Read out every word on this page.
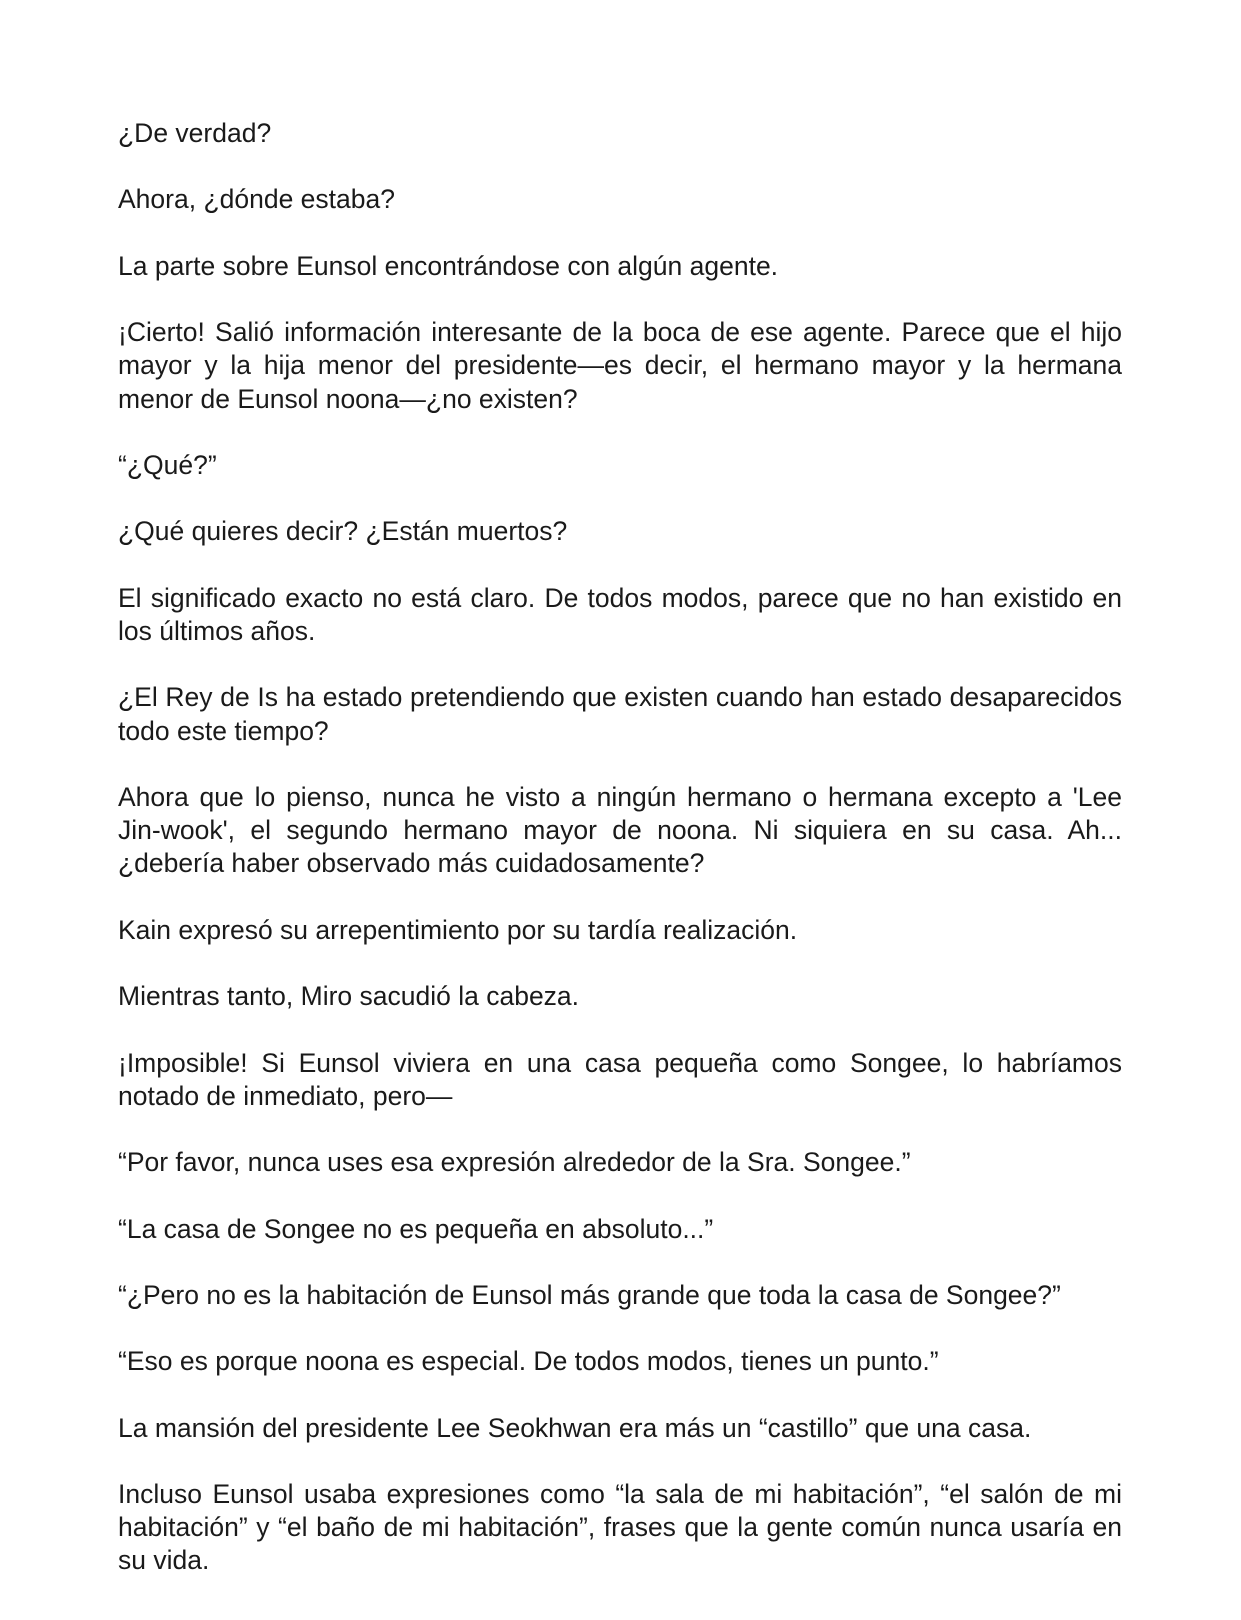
¿De verdad?

Ahora, ¿dónde estaba?

La parte sobre Eunsol encontrándose con algún agente.

¡Cierto! Salió información interesante de la boca de ese agente. Parece que el hijo mayor y la hija menor del presidente—es decir, el hermano mayor y la hermana menor de Eunsol noona—¿no existen?

“¿Qué?”

¿Qué quieres decir? ¿Están muertos?

El significado exacto no está claro. De todos modos, parece que no han existido en los últimos años.

¿El Rey de Is ha estado pretendiendo que existen cuando han estado desaparecidos todo este tiempo?

Ahora que lo pienso, nunca he visto a ningún hermano o hermana excepto a 'Lee Jin-wook', el segundo hermano mayor de noona. Ni siquiera en su casa. Ah... ¿debería haber observado más cuidadosamente?

Kain expresó su arrepentimiento por su tardía realización.

Mientras tanto, Miro sacudió la cabeza.

¡Imposible! Si Eunsol viviera en una casa pequeña como Songee, lo habríamos notado de inmediato, pero—

“Por favor, nunca uses esa expresión alrededor de la Sra. Songee.”

“La casa de Songee no es pequeña en absoluto...”

“¿Pero no es la habitación de Eunsol más grande que toda la casa de Songee?”

“Eso es porque noona es especial. De todos modos, tienes un punto.”

La mansión del presidente Lee Seokhwan era más un “castillo” que una casa.

Incluso Eunsol usaba expresiones como “la sala de mi habitación”, “el salón de mi habitación” y “el baño de mi habitación”, frases que la gente común nunca usaría en su vida.
